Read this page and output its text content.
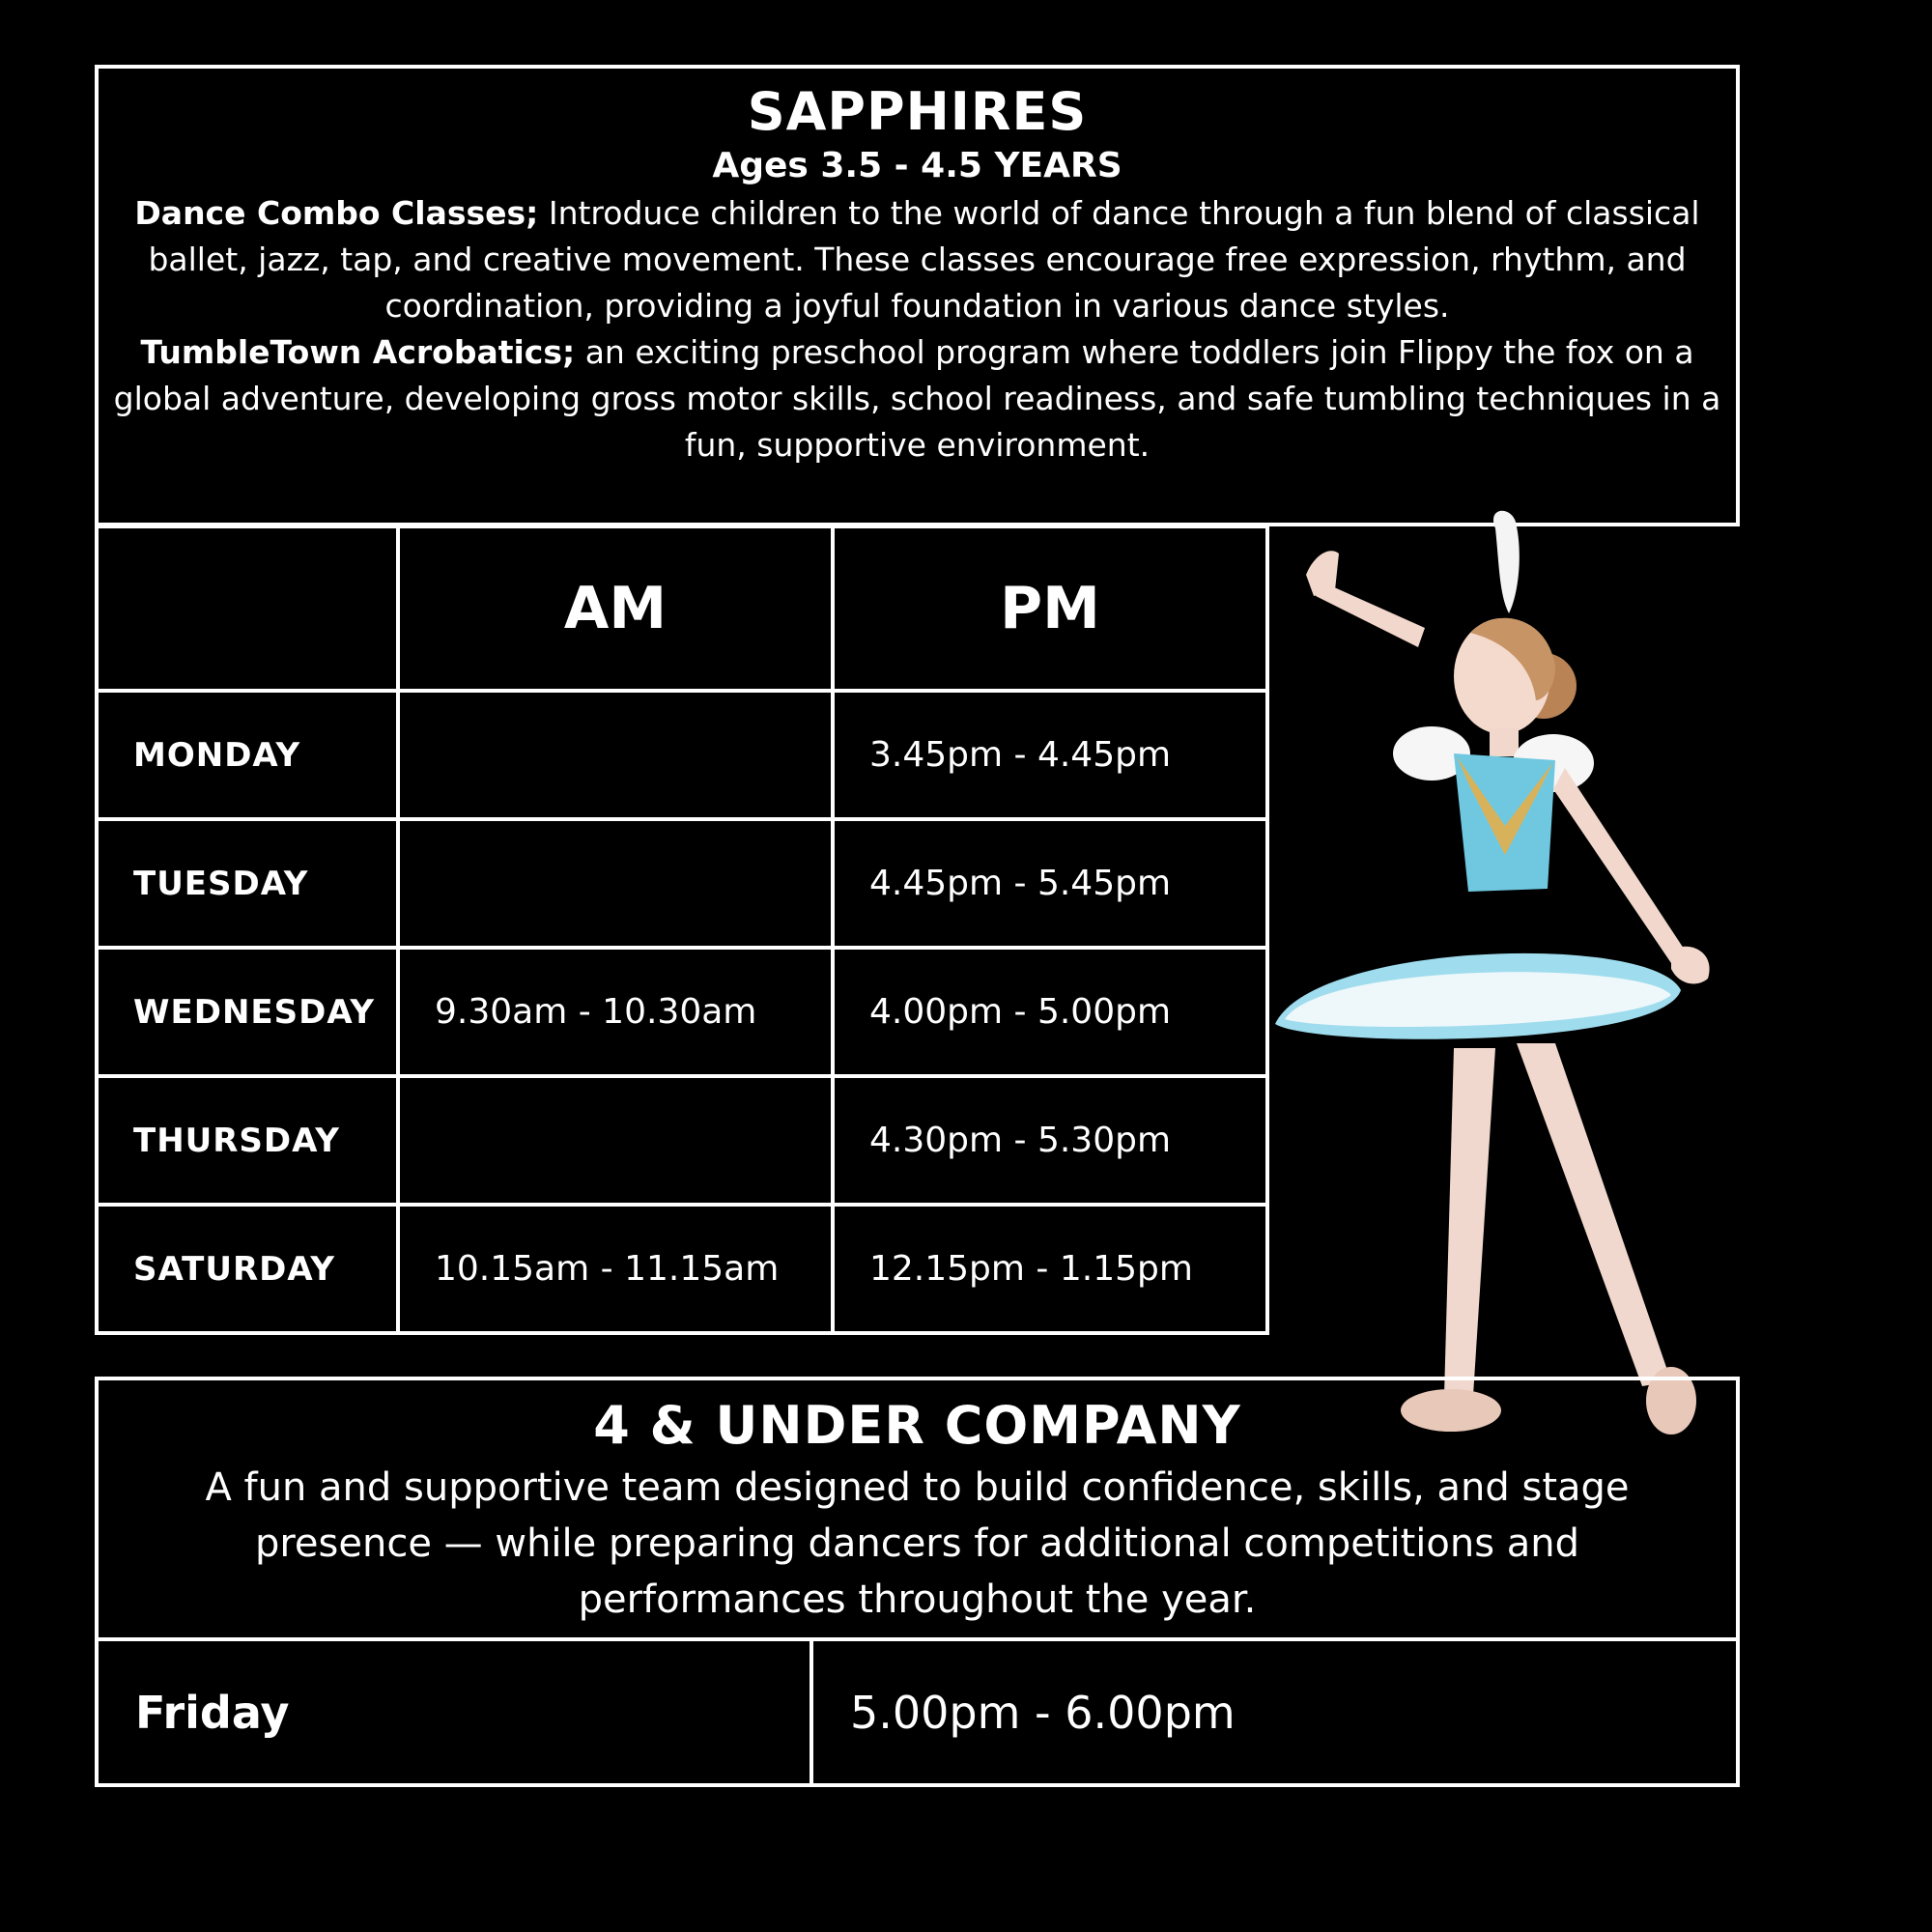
SAPPHIRES
Ages 3.5 - 4.5 YEARS

Dance Combo Classes; Introduce children to the world of dance through a fun blend of classical ballet, jazz, tap, and creative movement. These classes encourage free expression, rhythm, and coordination, providing a joyful foundation in various dance styles.

TumbleTown Acrobatics; an exciting preschool program where toddlers join Flippy the fox on a global adventure, developing gross motor skills, school readiness, and safe tumbling techniques in a fun, supportive environment.

	AM	PM
MONDAY		3.45pm - 4.45pm
TUESDAY		4.45pm - 5.45pm
WEDNESDAY	9.30am - 10.30am	4.00pm - 5.00pm
THURSDAY		4.30pm - 5.30pm
SATURDAY	10.15am - 11.15am	12.15pm - 1.15pm
4 & UNDER COMPANY

A fun and supportive team designed to build confidence, skills, and stage presence — while preparing dancers for additional competitions and performances throughout the year.

Friday	5.00pm - 6.00pm
